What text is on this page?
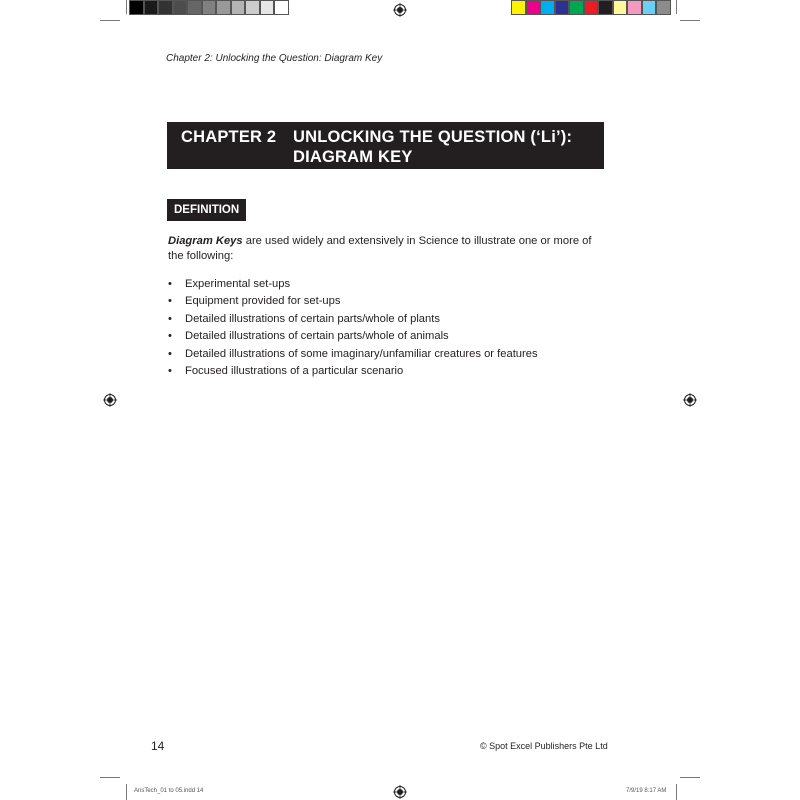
Chapter 2: Unlocking the Question: Diagram Key
CHAPTER 2 UNLOCKING THE QUESTION (‘Li’):
DIAGRAM KEY
DEFINITION
Diagram Keys are used widely and extensively in Science to illustrate one or more of the following:
• Experimental set-ups
• Equipment provided for set-ups
• Detailed illustrations of certain parts/whole of plants
• Detailed illustrations of certain parts/whole of animals
• Detailed illustrations of some imaginary/unfamiliar creatures or features
• Focused illustrations of a particular scenario
14	© Spot Excel Publishers Pte Ltd
AnsTech_01 to 05.indd 14	7/9/19 8:17 AM
